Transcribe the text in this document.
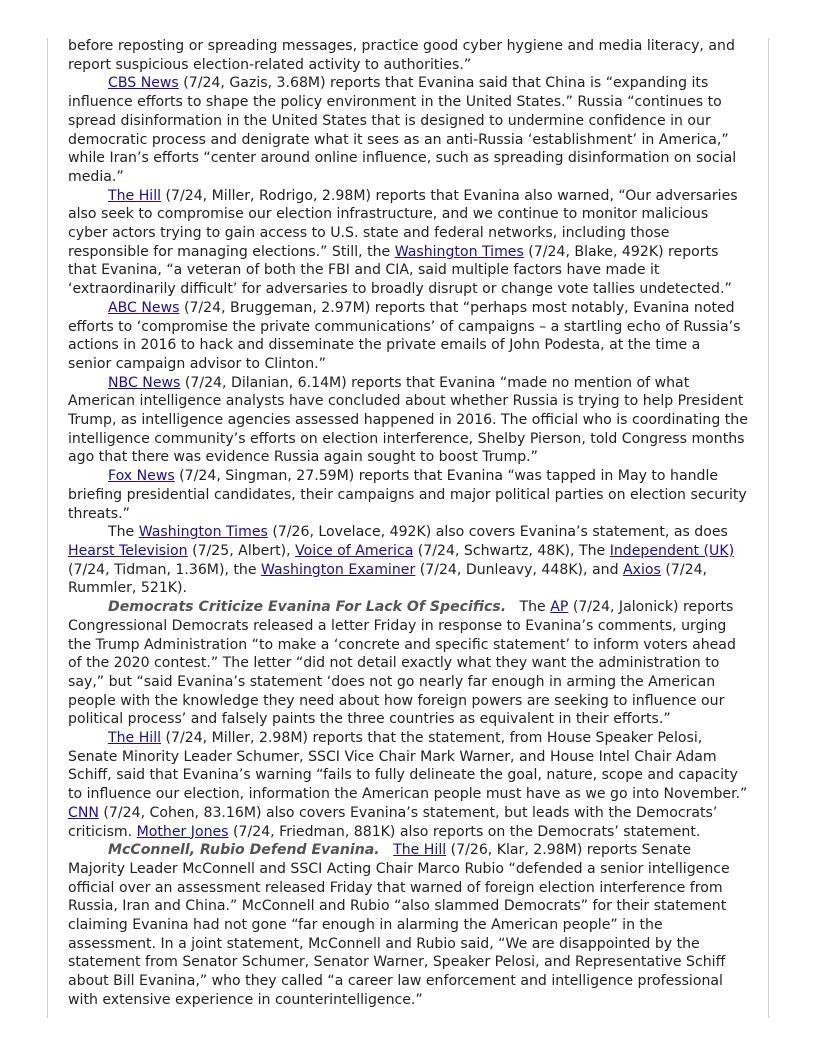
before reposting or spreading messages, practice good cyber hygiene and media literacy, and report suspicious election-related activity to authorities.”

CBS News (7/24, Gazis, 3.68M) reports that Evanina said that China is “expanding its influence efforts to shape the policy environment in the United States.” Russia “continues to spread disinformation in the United States that is designed to undermine confidence in our democratic process and denigrate what it sees as an anti-Russia ‘establishment’ in America,” while Iran’s efforts “center around online influence, such as spreading disinformation on social media.”

The Hill (7/24, Miller, Rodrigo, 2.98M) reports that Evanina also warned, “Our adversaries also seek to compromise our election infrastructure, and we continue to monitor malicious cyber actors trying to gain access to U.S. state and federal networks, including those responsible for managing elections.” Still, the Washington Times (7/24, Blake, 492K) reports that Evanina, “a veteran of both the FBI and CIA, said multiple factors have made it ‘extraordinarily difficult’ for adversaries to broadly disrupt or change vote tallies undetected.”

ABC News (7/24, Bruggeman, 2.97M) reports that “perhaps most notably, Evanina noted efforts to ‘compromise the private communications’ of campaigns – a startling echo of Russia’s actions in 2016 to hack and disseminate the private emails of John Podesta, at the time a senior campaign advisor to Clinton.”

NBC News (7/24, Dilanian, 6.14M) reports that Evanina “made no mention of what American intelligence analysts have concluded about whether Russia is trying to help President Trump, as intelligence agencies assessed happened in 2016. The official who is coordinating the intelligence community’s efforts on election interference, Shelby Pierson, told Congress months ago that there was evidence Russia again sought to boost Trump.”

Fox News (7/24, Singman, 27.59M) reports that Evanina “was tapped in May to handle briefing presidential candidates, their campaigns and major political parties on election security threats.”

The Washington Times (7/26, Lovelace, 492K) also covers Evanina’s statement, as does Hearst Television (7/25, Albert), Voice of America (7/24, Schwartz, 48K), The Independent (UK) (7/24, Tidman, 1.36M), the Washington Examiner (7/24, Dunleavy, 448K), and Axios (7/24, Rummler, 521K).

Democrats Criticize Evanina For Lack Of Specifics.   The AP (7/24, Jalonick) reports Congressional Democrats released a letter Friday in response to Evanina’s comments, urging the Trump Administration “to make a ‘concrete and specific statement’ to inform voters ahead of the 2020 contest.” The letter “did not detail exactly what they want the administration to say,” but “said Evanina’s statement ‘does not go nearly far enough in arming the American people with the knowledge they need about how foreign powers are seeking to influence our political process’ and falsely paints the three countries as equivalent in their efforts.”

The Hill (7/24, Miller, 2.98M) reports that the statement, from House Speaker Pelosi, Senate Minority Leader Schumer, SSCI Vice Chair Mark Warner, and House Intel Chair Adam Schiff, said that Evanina’s warning “fails to fully delineate the goal, nature, scope and capacity to influence our election, information the American people must have as we go into November.” CNN (7/24, Cohen, 83.16M) also covers Evanina’s statement, but leads with the Democrats’ criticism. Mother Jones (7/24, Friedman, 881K) also reports on the Democrats’ statement.

McConnell, Rubio Defend Evanina. The Hill (7/26, Klar, 2.98M) reports Senate Majority Leader McConnell and SSCI Acting Chair Marco Rubio “defended a senior intelligence official over an assessment released Friday that warned of foreign election interference from Russia, Iran and China.” McConnell and Rubio “also slammed Democrats” for their statement claiming Evanina had not gone “far enough in alarming the American people” in the assessment. In a joint statement, McConnell and Rubio said, “We are disappointed by the statement from Senator Schumer, Senator Warner, Speaker Pelosi, and Representative Schiff about Bill Evanina,” who they called “a career law enforcement and intelligence professional with extensive experience in counterintelligence.”
